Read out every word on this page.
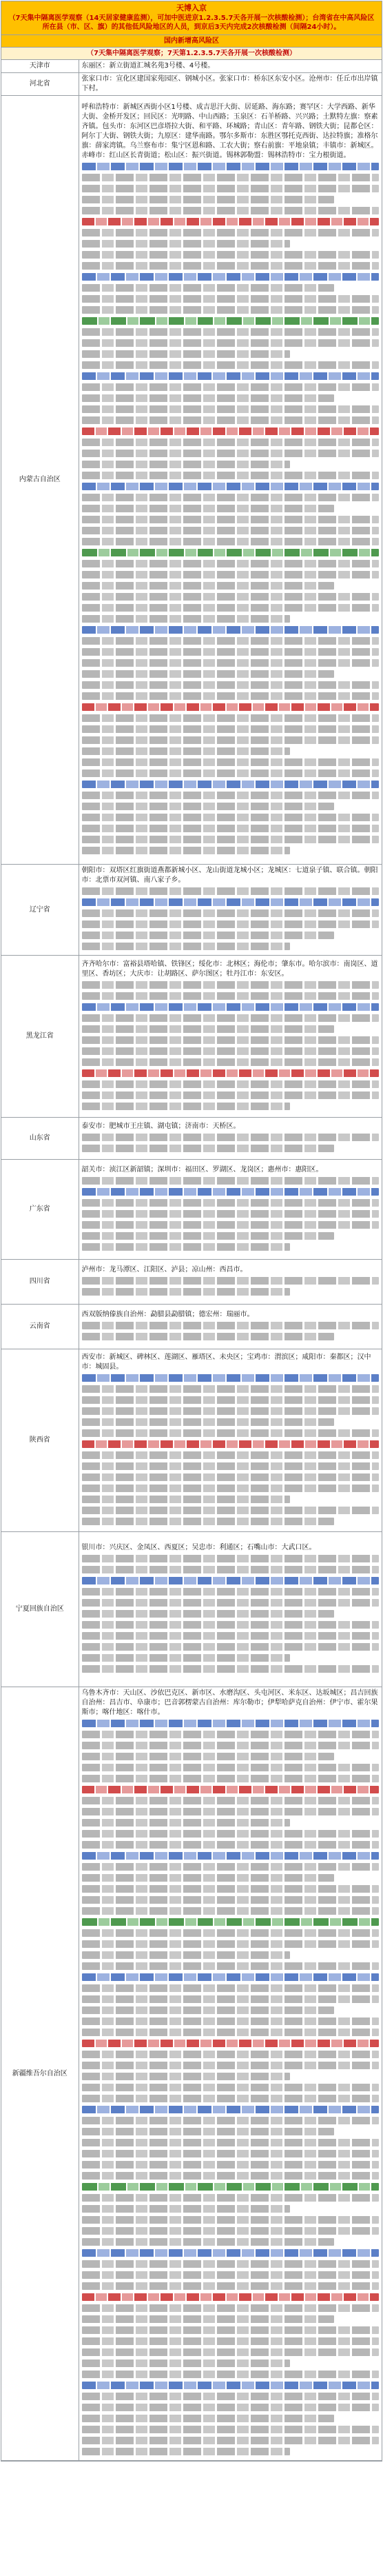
天博入京
（7天集中隔离医学观察（14天居家健康监测），可加中医进京1.2.3.5.7天各开展一次核酸检测）；台湾省在中高风险区所在县（市、区、旗）的其他低风险地区的人员，到京后3天内完成2次核酸检测（间隔24小时）。
国内新增高风险区
（7天集中隔离医学观察；7天第1.2.3.5.7天各开展一次核酸检测）
天津市	东丽区：新立街道汇城名苑3号楼、4号楼。

河北省	张家口市：宣化区建国家苑园区、钢城小区。张家口市：桥东区东安小区。沧州市：任丘市出岸镇下村。

内蒙古自治区	呼和浩特市：新城区西街小区1号楼、成吉思汗大街、居延路、海东路；赛罕区：大学西路、新华大街、金桥开发区；回民区：光明路、中山西路；玉泉区：石羊桥路、兴兴路；土默特左旗：察素齐镇。包头市：东河区巴彦塔拉大街、和平路、环城路；青山区：青年路、钢铁大街；昆都仑区：阿尔丁大街、钢铁大街；九原区：建华南路。鄂尔多斯市：东胜区鄂托克西街、达拉特旗；准格尔旗：薛家湾镇。乌兰察布市：集宁区恩和路、工农大街；察右前旗：平地泉镇；丰镇市：新城区。赤峰市：红山区长青街道；松山区：振兴街道。锡林郭勒盟：锡林浩特市：宝力根街道。

辽宁省	朝阳市：双塔区红旗街道燕都新城小区、龙山街道龙城小区；龙城区：七道泉子镇、联合镇。朝阳市：北票市双河镇、南八家子乡。

黑龙江省	齐齐哈尔市：富裕县塔哈镇、铁锋区；绥化市：北林区；海伦市；肇东市。哈尔滨市：南岗区、道里区、香坊区；大庆市：让胡路区、萨尔图区；牡丹江市：东安区。

山东省	泰安市：肥城市王庄镇、湖屯镇；济南市：天桥区。

广东省	韶关市：浈江区新韶镇；深圳市：福田区、罗湖区、龙岗区；惠州市：惠阳区。

四川省	泸州市：龙马潭区、江阳区、泸县；凉山州：西昌市。

云南省	西双版纳傣族自治州：勐腊县勐腊镇；德宏州：瑞丽市。

陕西省	西安市：新城区、碑林区、莲湖区、雁塔区、未央区；宝鸡市：渭滨区；咸阳市：秦都区；汉中市：城固县。

宁夏回族自治区	银川市：兴庆区、金凤区、西夏区；吴忠市：利通区；石嘴山市：大武口区。

新疆维吾尔自治区	乌鲁木齐市：天山区、沙依巴克区、新市区、水磨沟区、头屯河区、米东区、达坂城区；昌吉回族自治州：昌吉市、阜康市；巴音郭楞蒙古自治州：库尔勒市；伊犁哈萨克自治州：伊宁市、霍尔果斯市；喀什地区：喀什市。
